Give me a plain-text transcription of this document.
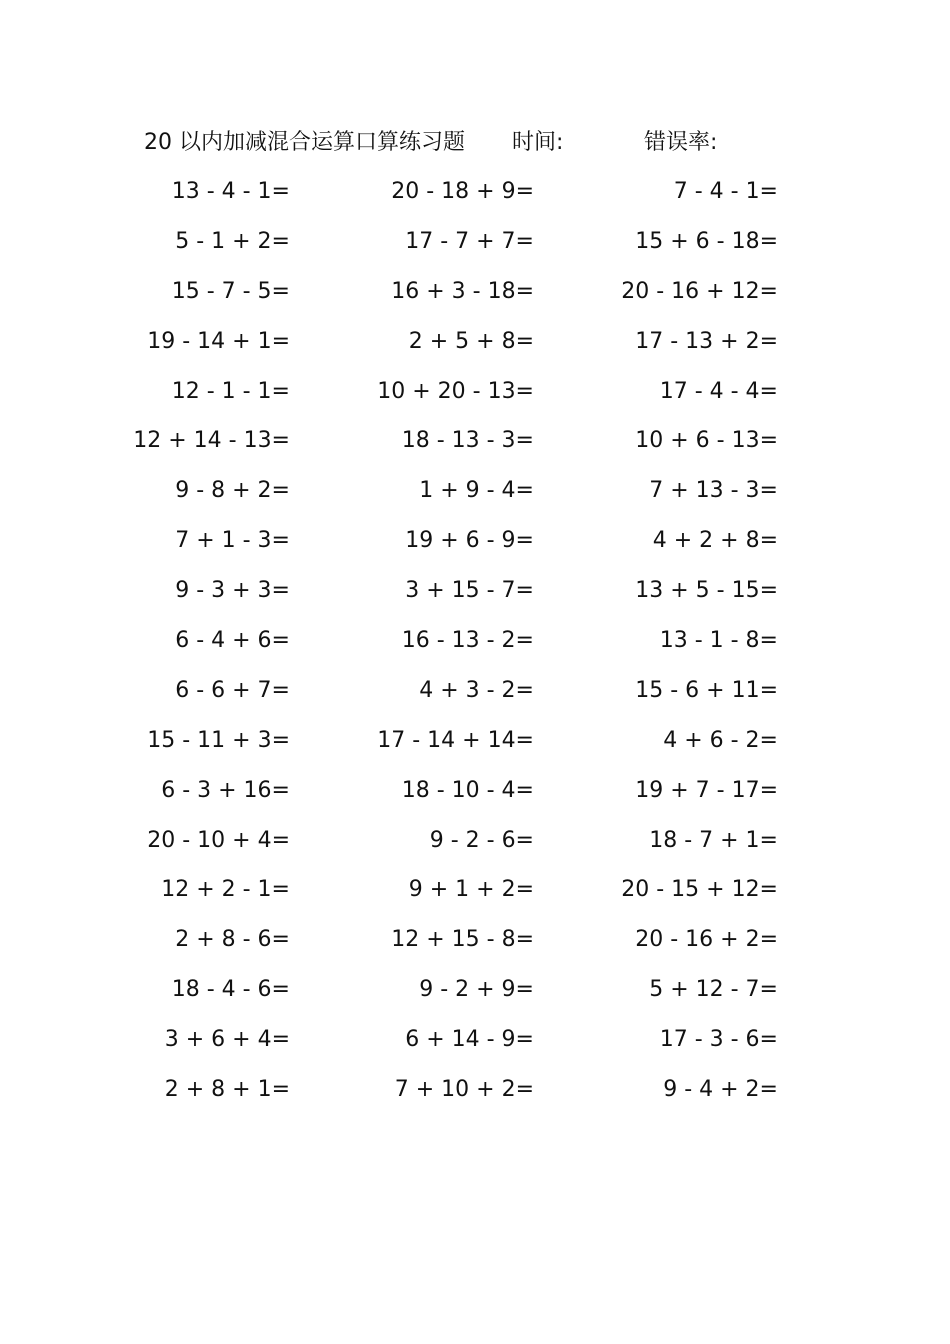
20 以内加减混合运算口算练习题 时间:	错误率:
13 - 4 - 1=	20 - 18 + 9=	7 - 4 - 1=
5 - 1 + 2=	17 - 7 + 7=	15 + 6 - 18=
15 - 7 - 5=	16 + 3 - 18=	20 - 16 + 12=
19 - 14 + 1=	2 + 5 + 8=	17 - 13 + 2=
12 - 1 - 1=	10 + 20 - 13=	17 - 4 - 4=
12 + 14 - 13=	18 - 13 - 3=	10 + 6 - 13=
9 - 8 + 2=	1 + 9 - 4=	7 + 13 - 3=
7 + 1 - 3=	19 + 6 - 9=	4 + 2 + 8=
9 - 3 + 3=	3 + 15 - 7=	13 + 5 - 15=
6 - 4 + 6=	16 - 13 - 2=	13 - 1 - 8=
6 - 6 + 7=	4 + 3 - 2=	15 - 6 + 11=
15 - 11 + 3=	17 - 14 + 14=	4 + 6 - 2=
6 - 3 + 16=	18 - 10 - 4=	19 + 7 - 17=
20 - 10 + 4=	9 - 2 - 6=	18 - 7 + 1=
12 + 2 - 1=	9 + 1 + 2=	20 - 15 + 12=
2 + 8 - 6=	12 + 15 - 8=	20 - 16 + 2=
18 - 4 - 6=	9 - 2 + 9=	5 + 12 - 7=
3 + 6 + 4=	6 + 14 - 9=	17 - 3 - 6=
2 + 8 + 1=	7 + 10 + 2=	9 - 4 + 2=
